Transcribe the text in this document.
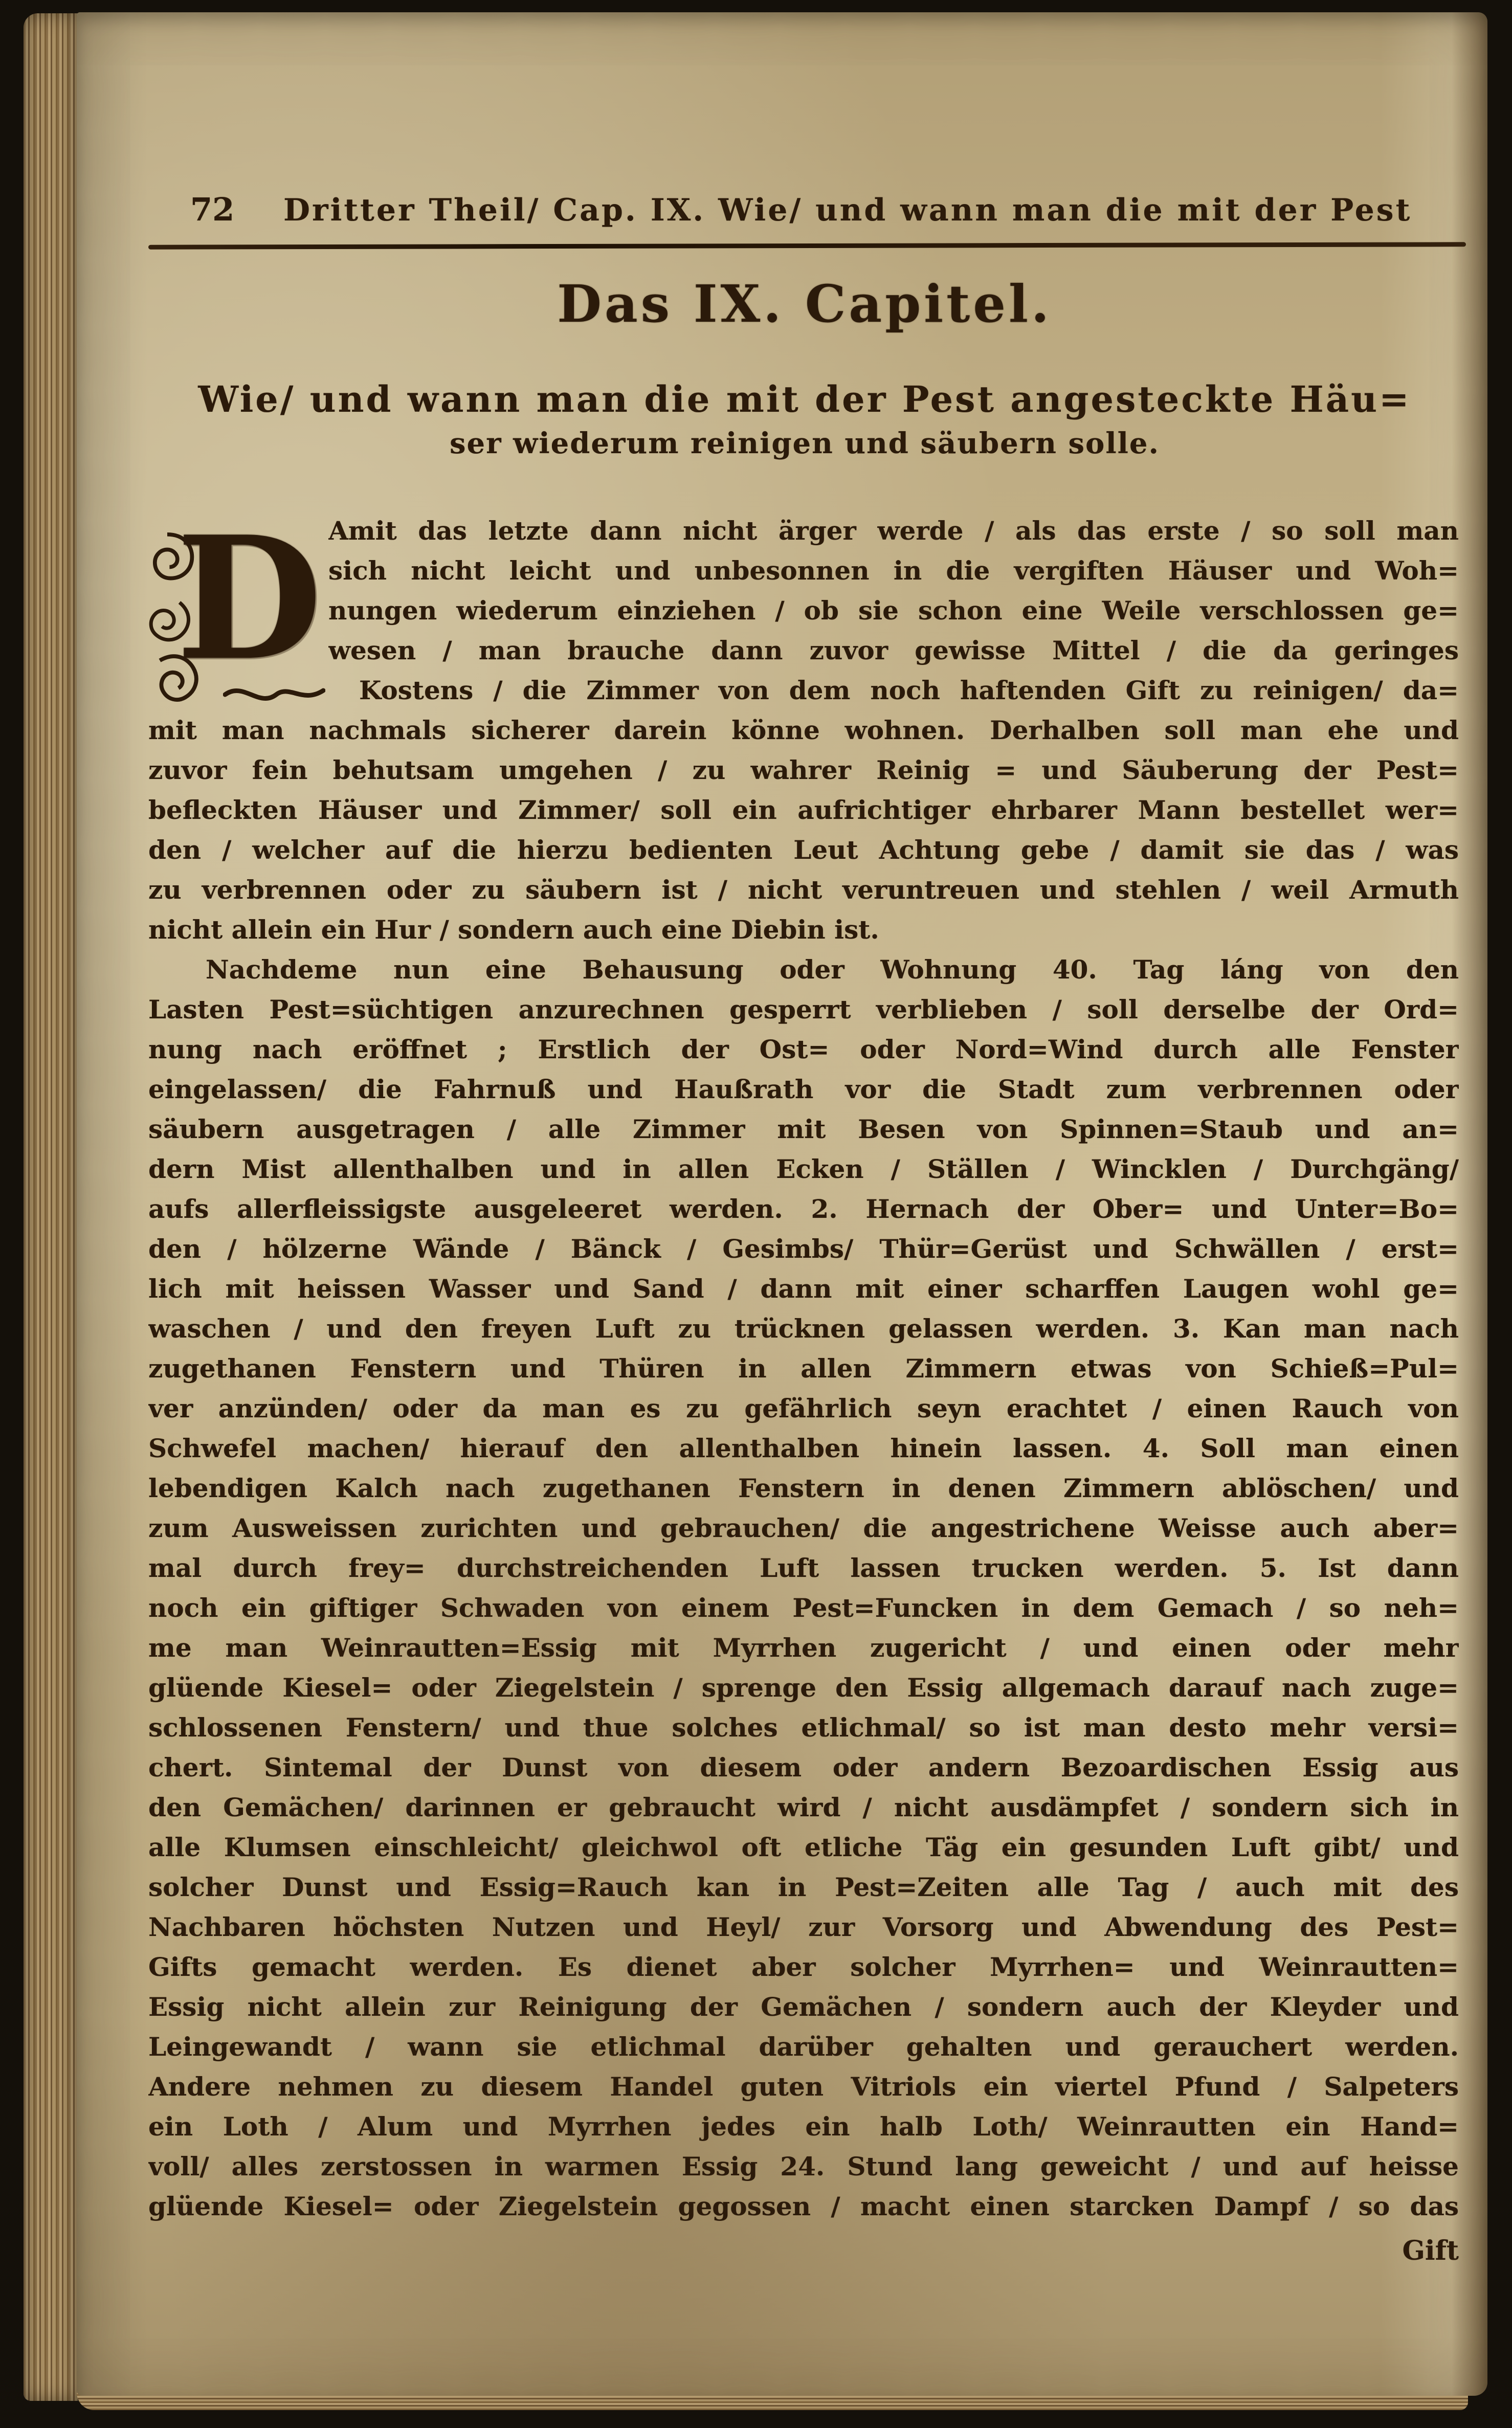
72	Dritter Theil/ Cap. IX. Wie/ und wann man die mit der Pest
Das IX. Capitel.
Wie/ und wann man die mit der Pest angesteckte Häu=
ser wiederum reinigen und säubern solle.
D Amit das letzte dann nicht ärger werde / als das erste / so soll man
sich nicht leicht und unbesonnen in die vergiften Häuser und Woh=
nungen wiederum einziehen / ob sie schon eine Weile verschlossen ge=
wesen / man brauche dann zuvor gewisse Mittel / die da geringes
Kostens / die Zimmer von dem noch haftenden Gift zu reinigen/ da=
mit man nachmals sicherer darein könne wohnen. Derhalben soll man ehe und
zuvor fein behutsam umgehen / zu wahrer Reinig = und Säuberung der Pest=
befleckten Häuser und Zimmer/ soll ein aufrichtiger ehrbarer Mann bestellet wer=
den / welcher auf die hierzu bedienten Leut Achtung gebe / damit sie das / was
zu verbrennen oder zu säubern ist / nicht veruntreuen und stehlen / weil Armuth
nicht allein ein Hur / sondern auch eine Diebin ist.
Nachdeme nun eine Behausung oder Wohnung 40. Tag láng von den
Lasten Pest=süchtigen anzurechnen gesperrt verblieben / soll derselbe der Ord=
nung nach eröffnet ; Erstlich der Ost= oder Nord=Wind durch alle Fenster
eingelassen/ die Fahrnuß und Haußrath vor die Stadt zum verbrennen oder
säubern ausgetragen / alle Zimmer mit Besen von Spinnen=Staub und an=
dern Mist allenthalben und in allen Ecken / Ställen / Wincklen / Durchgäng/
aufs allerfleissigste ausgeleeret werden. 2. Hernach der Ober= und Unter=Bo=
den / hölzerne Wände / Bänck / Gesimbs/ Thür=Gerüst und Schwällen / erst=
lich mit heissen Wasser und Sand / dann mit einer scharffen Laugen wohl ge=
waschen / und den freyen Luft zu trücknen gelassen werden. 3. Kan man nach
zugethanen Fenstern und Thüren in allen Zimmern etwas von Schieß=Pul=
ver anzünden/ oder da man es zu gefährlich seyn erachtet / einen Rauch von
Schwefel machen/ hierauf den allenthalben hinein lassen. 4. Soll man einen
lebendigen Kalch nach zugethanen Fenstern in denen Zimmern ablöschen/ und
zum Ausweissen zurichten und gebrauchen/ die angestrichene Weisse auch aber=
mal durch frey= durchstreichenden Luft lassen trucken werden. 5. Ist dann
noch ein giftiger Schwaden von einem Pest=Funcken in dem Gemach / so neh=
me man Weinrautten=Essig mit Myrrhen zugericht / und einen oder mehr
glüende Kiesel= oder Ziegelstein / sprenge den Essig allgemach darauf nach zuge=
schlossenen Fenstern/ und thue solches etlichmal/ so ist man desto mehr versi=
chert. Sintemal der Dunst von diesem oder andern Bezoardischen Essig aus
den Gemächen/ darinnen er gebraucht wird / nicht ausdämpfet / sondern sich in
alle Klumsen einschleicht/ gleichwol oft etliche Täg ein gesunden Luft gibt/ und
solcher Dunst und Essig=Rauch kan in Pest=Zeiten alle Tag / auch mit des
Nachbaren höchsten Nutzen und Heyl/ zur Vorsorg und Abwendung des Pest=
Gifts gemacht werden. Es dienet aber solcher Myrrhen= und Weinrautten=
Essig nicht allein zur Reinigung der Gemächen / sondern auch der Kleyder und
Leingewandt / wann sie etlichmal darüber gehalten und gerauchert werden.
Andere nehmen zu diesem Handel guten Vitriols ein viertel Pfund / Salpeters
ein Loth / Alum und Myrrhen jedes ein halb Loth/ Weinrautten ein Hand=
voll/ alles zerstossen in warmen Essig 24. Stund lang geweicht / und auf heisse
glüende Kiesel= oder Ziegelstein gegossen / macht einen starcken Dampf / so das
Gift
